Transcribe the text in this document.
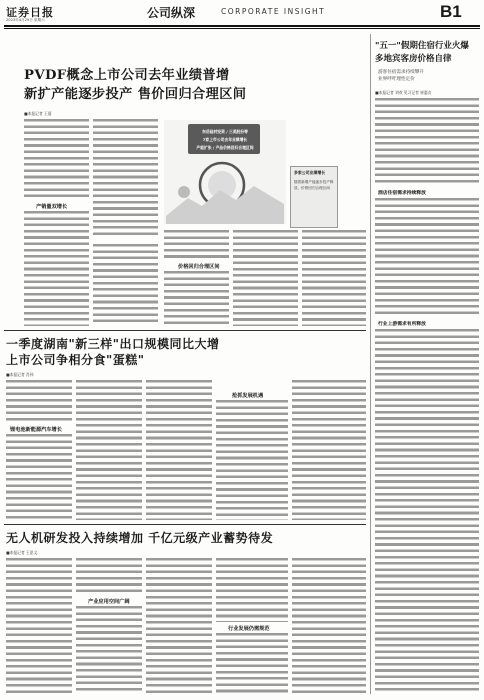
证券日报
2023年4月29日 星期六	公司纵深	CORPORATE INSIGHT	B1
PVDF概念上市公司去年业绩普增
新扩产能逐步投产 售价回归合理区间
■本报记者 王僖
产销量双增长
东岳硅材投资 / 三美股份等
7家上市公司去年业绩增长
产能扩张 / 产品价格回归合理区间
多家公司业绩增长
随着新增产能逐步投产释放，价格回归合理区间
价格回归合理区间
一季度湖南"新三样"出口规模同比大增
上市公司争相分食"蛋糕"
■本报记者 肖伟
锂电池新能源汽车增长
抢抓发展机遇
无人机研发投入持续增加 千亿元级产业蓄势待发
■本报记者 王思文
产业应用空间广阔
行业发展仍需规范
"五一"假期住宿行业火爆
多地宾客房价格自律
游客住宿需求持续攀升
业界呼吁理性定价
■本报记者 刘欢 见习记者 崔惠贞
酒店住宿需求持续释放
行业上游需求有所释放
